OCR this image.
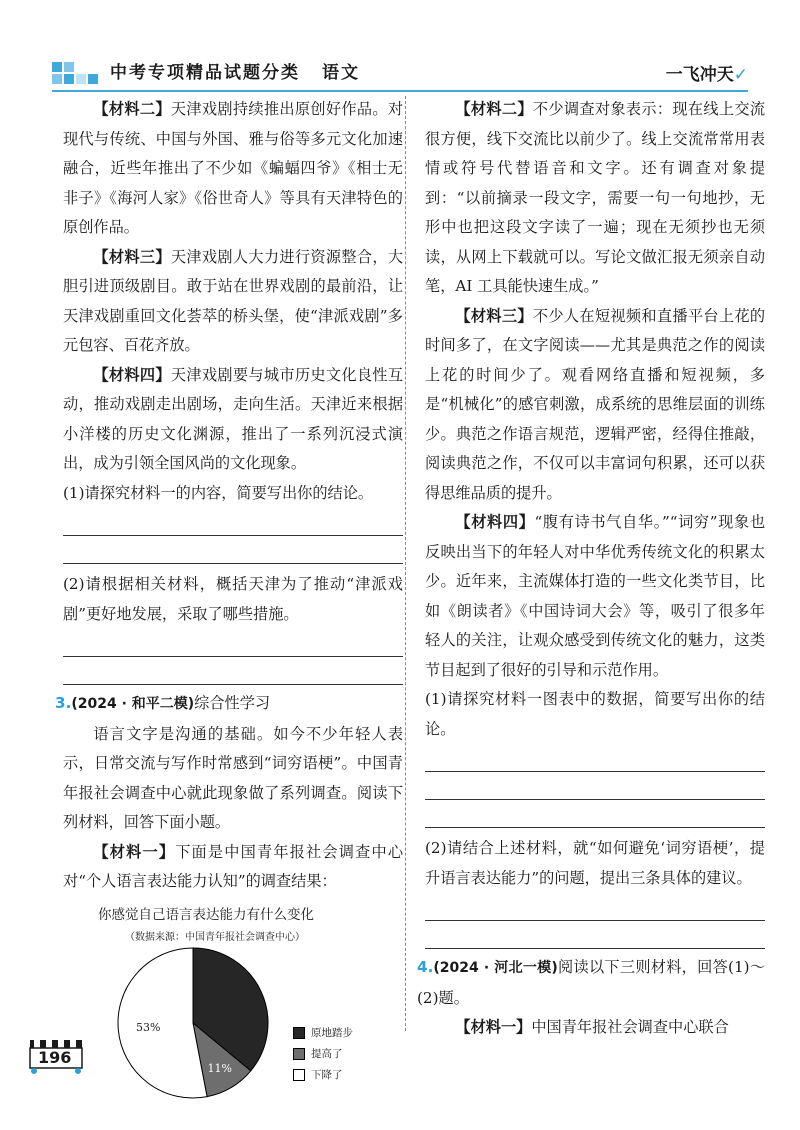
中考专项精品试题分类 语文	一飞冲天✓

【材料二】天津戏剧持续推出原创好作品。对现代与传统、中国与外国、雅与俗等多元文化加速融合，近些年推出了不少如《蝙蝠四爷》《相士无非子》《海河人家》《俗世奇人》等具有天津特色的原创作品。

【材料三】天津戏剧人大力进行资源整合，大胆引进顶级剧目。敢于站在世界戏剧的最前沿，让天津戏剧重回文化荟萃的桥头堡，使“津派戏剧”多元包容、百花齐放。

【材料四】天津戏剧要与城市历史文化良性互动，推动戏剧走出剧场，走向生活。天津近来根据小洋楼的历史文化渊源，推出了一系列沉浸式演出，成为引领全国风尚的文化现象。

(1)请探究材料一的内容，简要写出你的结论。

(2)请根据相关材料，概括天津为了推动“津派戏剧”更好地发展，采取了哪些措施。

3.(2024 · 和平二模)综合性学习

语言文字是沟通的基础。如今不少年轻人表示，日常交流与写作时常感到“词穷语梗”。中国青年报社会调查中心就此现象做了系列调查。阅读下列材料，回答下面小题。

【材料一】下面是中国青年报社会调查中心对“个人语言表达能力认知”的调查结果：

你感觉自己语言表达能力有什么变化
（数据来源：中国青年报社会调查中心）
11%
53%	原地踏步
提高了
下降了

【材料二】不少调查对象表示：现在线上交流很方便，线下交流比以前少了。线上交流常常用表情或符号代替语音和文字。还有调查对象提到：“以前摘录一段文字，需要一句一句地抄，无形中也把这段文字读了一遍；现在无须抄也无须读，从网上下载就可以。写论文做汇报无须亲自动笔，AI 工具能快速生成。”

【材料三】不少人在短视频和直播平台上花的时间多了，在文字阅读——尤其是典范之作的阅读上花的时间少了。观看网络直播和短视频，多是“机械化”的感官刺激，成系统的思维层面的训练少。典范之作语言规范，逻辑严密，经得住推敲，阅读典范之作，不仅可以丰富词句积累，还可以获得思维品质的提升。

【材料四】“腹有诗书气自华。”“词穷”现象也反映出当下的年轻人对中华优秀传统文化的积累太少。近年来，主流媒体打造的一些文化类节目，比如《朗读者》《中国诗词大会》等，吸引了很多年轻人的关注，让观众感受到传统文化的魅力，这类节目起到了很好的引导和示范作用。

(1)请探究材料一图表中的数据，简要写出你的结论。

(2)请结合上述材料，就“如何避免‘词穷语梗’，提升语言表达能力”的问题，提出三条具体的建议。

4.(2024 · 河北一模)阅读以下三则材料，回答(1)～(2)题。

【材料一】中国青年报社会调查中心联合

196
